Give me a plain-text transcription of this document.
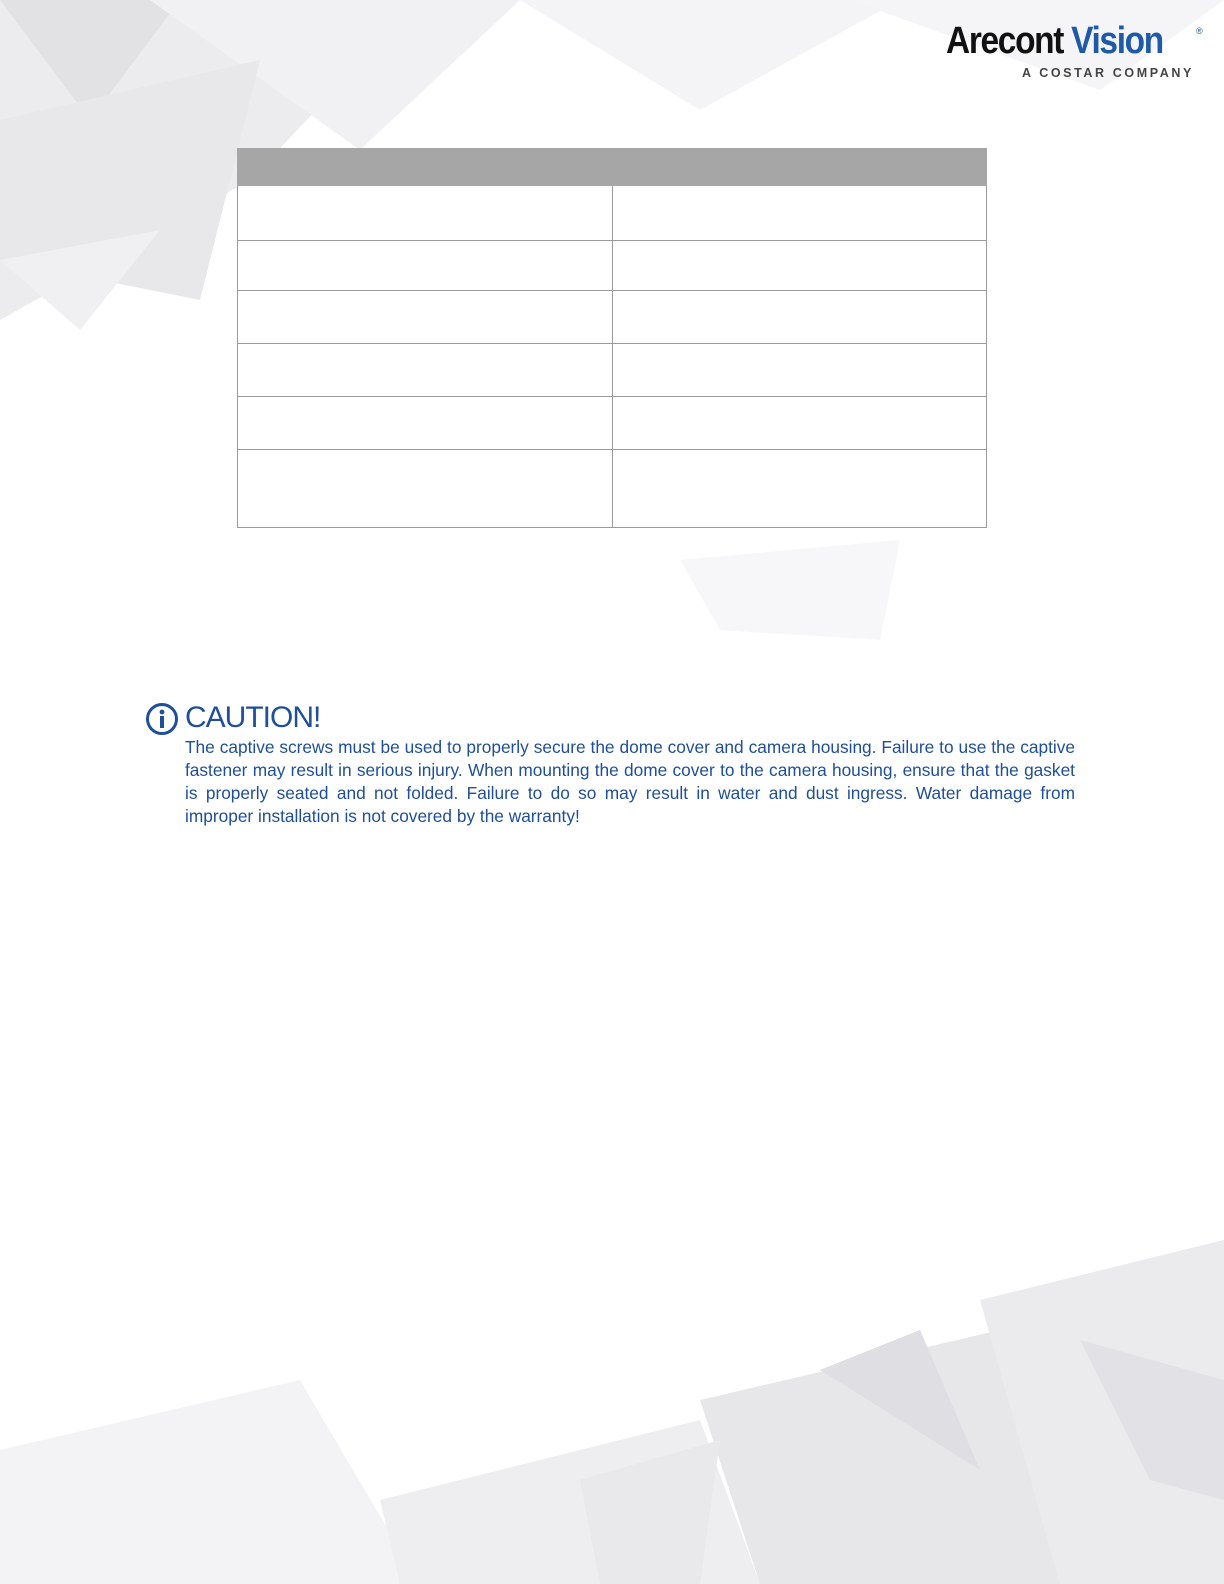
Arecont Vision	®

A COSTAR COMPANY

CAUTION!

The captive screws must be used to properly secure the dome cover and camera housing. Failure to use the captive fastener may result in serious injury. When mounting the dome cover to the camera housing, ensure that the gasket is properly seated and not folded. Failure to do so may result in water and dust ingress. Water damage from improper installation is not covered by the warranty!
